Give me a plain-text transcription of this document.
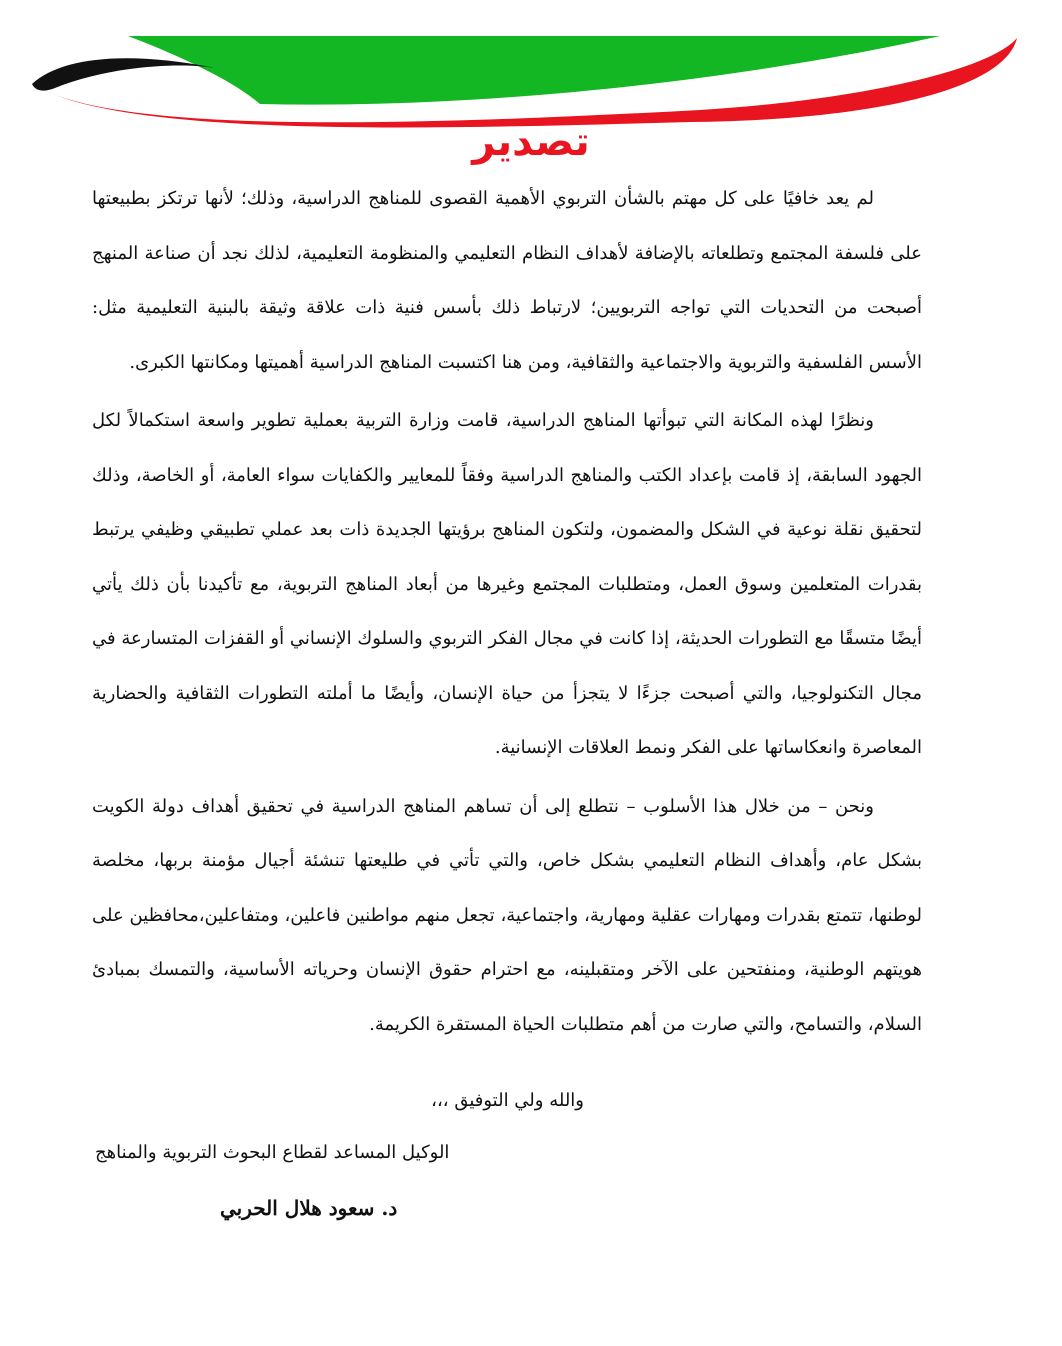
تصدير

لم يعد خافيًا على كل مهتم بالشأن التربوي الأهمية القصوى للمناهج الدراسية، وذلك؛ لأنها ترتكز بطبيعتها على فلسفة المجتمع وتطلعاته بالإضافة لأهداف النظام التعليمي والمنظومة التعليمية، لذلك نجد أن صناعة المنهج أصبحت من التحديات التي تواجه التربويين؛ لارتباط ذلك بأسس فنية ذات علاقة وثيقة بالبنية التعليمية مثل: الأسس الفلسفية والتربوية والاجتماعية والثقافية، ومن هنا اكتسبت المناهج الدراسية أهميتها ومكانتها الكبرى.

ونظرًا لهذه المكانة التي تبوأتها المناهج الدراسية، قامت وزارة التربية بعملية تطوير واسعة استكمالاً لكل الجهود السابقة، إذ قامت بإعداد الكتب والمناهج الدراسية وفقاً للمعايير والكفايات سواء العامة، أو الخاصة، وذلك لتحقيق نقلة نوعية في الشكل والمضمون، ولتكون المناهج برؤيتها الجديدة ذات بعد عملي تطبيقي وظيفي يرتبط بقدرات المتعلمين وسوق العمل، ومتطلبات المجتمع وغيرها من أبعاد المناهج التربوية، مع تأكيدنا بأن ذلك يأتي أيضًا متسقًا مع التطورات الحديثة، إذا كانت في مجال الفكر التربوي والسلوك الإنساني أو القفزات المتسارعة في مجال التكنولوجيا، والتي أصبحت جزءًا لا يتجزأ من حياة الإنسان، وأيضًا ما أملته التطورات الثقافية والحضارية المعاصرة وانعكاساتها على الفكر ونمط العلاقات الإنسانية.

ونحن – من خلال هذا الأسلوب – نتطلع إلى أن تساهم المناهج الدراسية في تحقيق أهداف دولة الكويت بشكل عام، وأهداف النظام التعليمي بشكل خاص، والتي تأتي في طليعتها تنشئة أجيال مؤمنة بربها، مخلصة لوطنها، تتمتع بقدرات ومهارات عقلية ومهارية، واجتماعية، تجعل منهم مواطنين فاعلين، ومتفاعلين،محافظين على هويتهم الوطنية، ومنفتحين على الآخر ومتقبلينه، مع احترام حقوق الإنسان وحرياته الأساسية، والتمسك بمبادئ السلام، والتسامح، والتي صارت من أهم متطلبات الحياة المستقرة الكريمة.

والله ولي التوفيق ،،،
الوكيل المساعد لقطاع البحوث التربوية والمناهج
د. سعود هلال الحربي
